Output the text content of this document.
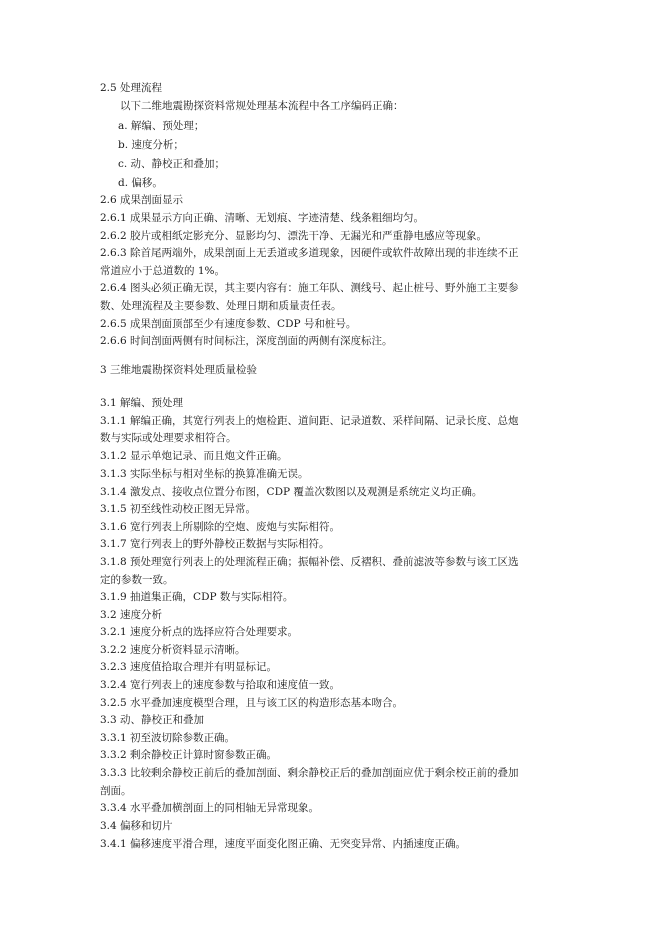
2.5 处理流程
以下二维地震勘探资料常规处理基本流程中各工序编码正确：
a. 解编、预处理；
b. 速度分析；
c. 动、静校正和叠加；
d. 偏移。
2.6 成果剖面显示
2.6.1 成果显示方向正确、清晰、无划痕、字迹清楚、线条粗细均匀。
2.6.2 胶片或相纸定影充分、显影均匀、漂洗干净、无漏光和严重静电感应等现象。
2.6.3 除首尾两端外，成果剖面上无丢道或多道现象，因硬件或软件故障出现的非连续不正
常道应小于总道数的 1%。
2.6.4 图头必须正确无误，其主要内容有：施工年队、测线号、起止桩号、野外施工主要参
数、处理流程及主要参数、处理日期和质量责任表。
2.6.5 成果剖面顶部至少有速度参数、CDP 号和桩号。
2.6.6 时间剖面两侧有时间标注，深度剖面的两侧有深度标注。
3 三维地震勘探资料处理质量检验
3.1 解编、预处理
3.1.1 解编正确，其宽行列表上的炮检距、道间距、记录道数、采样间隔、记录长度、总炮
数与实际或处理要求相符合。
3.1.2 显示单炮记录、而且炮文件正确。
3.1.3 实际坐标与相对坐标的换算准确无误。
3.1.4 激发点、接收点位置分布图，CDP 覆盖次数图以及观测是系统定义均正确。
3.1.5 初至线性动校正图无异常。
3.1.6 宽行列表上所剔除的空炮、废炮与实际相符。
3.1.7 宽行列表上的野外静校正数据与实际相符。
3.1.8 预处理宽行列表上的处理流程正确；振幅补偿、反褶积、叠前滤波等参数与该工区选
定的参数一致。
3.1.9 抽道集正确，CDP 数与实际相符。
3.2 速度分析
3.2.1 速度分析点的选择应符合处理要求。
3.2.2 速度分析资料显示清晰。
3.2.3 速度值拾取合理并有明显标记。
3.2.4 宽行列表上的速度参数与拾取和速度值一致。
3.2.5 水平叠加速度模型合理，且与该工区的构造形态基本吻合。
3.3 动、静校正和叠加
3.3.1 初至波切除参数正确。
3.3.2 剩余静校正计算时窗参数正确。
3.3.3 比较剩余静校正前后的叠加剖面、剩余静校正后的叠加剖面应优于剩余校正前的叠加
剖面。
3.3.4 水平叠加横剖面上的同相轴无异常现象。
3.4 偏移和切片
3.4.1 偏移速度平滑合理，速度平面变化图正确、无突变异常、内插速度正确。
